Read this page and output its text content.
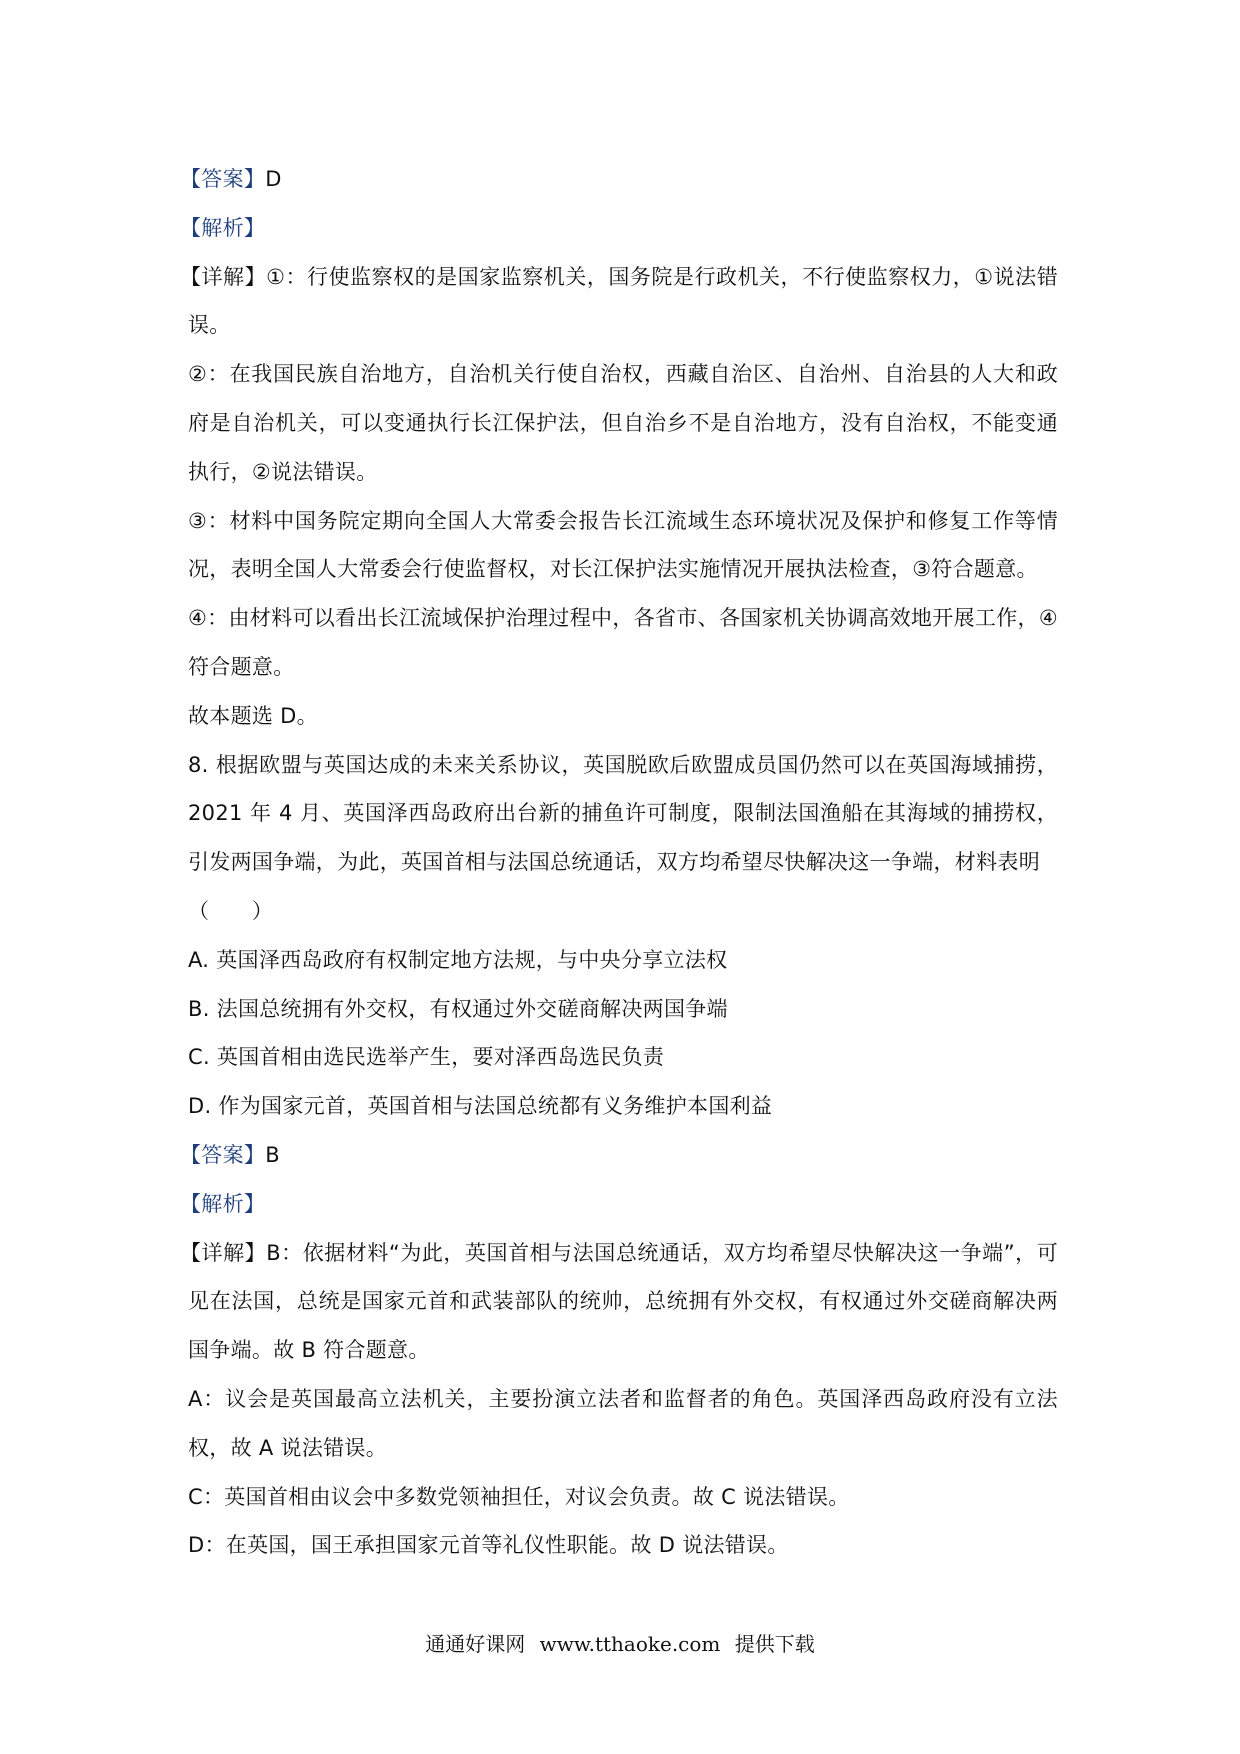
【答案】D

【解析】

【详解】①：行使监察权的是国家监察机关，国务院是行政机关，不行使监察权力，①说法错误。

②：在我国民族自治地方，自治机关行使自治权，西藏自治区、自治州、自治县的人大和政府是自治机关，可以变通执行长江保护法，但自治乡不是自治地方，没有自治权，不能变通执行，②说法错误。

③：材料中国务院定期向全国人大常委会报告长江流域生态环境状况及保护和修复工作等情况，表明全国人大常委会行使监督权，对长江保护法实施情况开展执法检查，③符合题意。

④：由材料可以看出长江流域保护治理过程中，各省市、各国家机关协调高效地开展工作，④符合题意。

故本题选 D。

8. 根据欧盟与英国达成的未来关系协议，英国脱欧后欧盟成员国仍然可以在英国海域捕捞，2021 年 4 月、英国泽西岛政府出台新的捕鱼许可制度，限制法国渔船在其海域的捕捞权，引发两国争端，为此，英国首相与法国总统通话，双方均希望尽快解决这一争端，材料表明
（　　）

A. 英国泽西岛政府有权制定地方法规，与中央分享立法权

B. 法国总统拥有外交权，有权通过外交磋商解决两国争端

C. 英国首相由选民选举产生，要对泽西岛选民负责

D. 作为国家元首，英国首相与法国总统都有义务维护本国利益

【答案】B

【解析】

【详解】B：依据材料“为此，英国首相与法国总统通话，双方均希望尽快解决这一争端”，可见在法国，总统是国家元首和武装部队的统帅，总统拥有外交权，有权通过外交磋商解决两国争端。故 B 符合题意。

A：议会是英国最高立法机关，主要扮演立法者和监督者的角色。英国泽西岛政府没有立法权，故 A 说法错误。

C：英国首相由议会中多数党领袖担任，对议会负责。故 C 说法错误。

D：在英国，国王承担国家元首等礼仪性职能。故 D 说法错误。

通通好课网 www.tthaoke.com 提供下载
